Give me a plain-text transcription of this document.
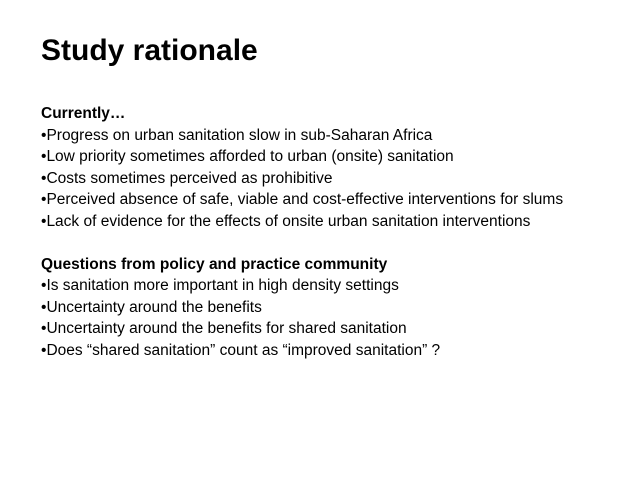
Study rationale
Currently…
•Progress on urban sanitation slow in sub-Saharan Africa
•Low priority sometimes afforded to urban (onsite) sanitation
•Costs sometimes perceived as prohibitive
•Perceived absence of safe, viable and cost-effective interventions for slums
•Lack of evidence for the effects of onsite urban sanitation interventions
Questions from policy and practice community
•Is sanitation more important in high density settings
•Uncertainty around the benefits
•Uncertainty around the benefits for shared sanitation
•Does “shared sanitation” count as “improved sanitation” ?
